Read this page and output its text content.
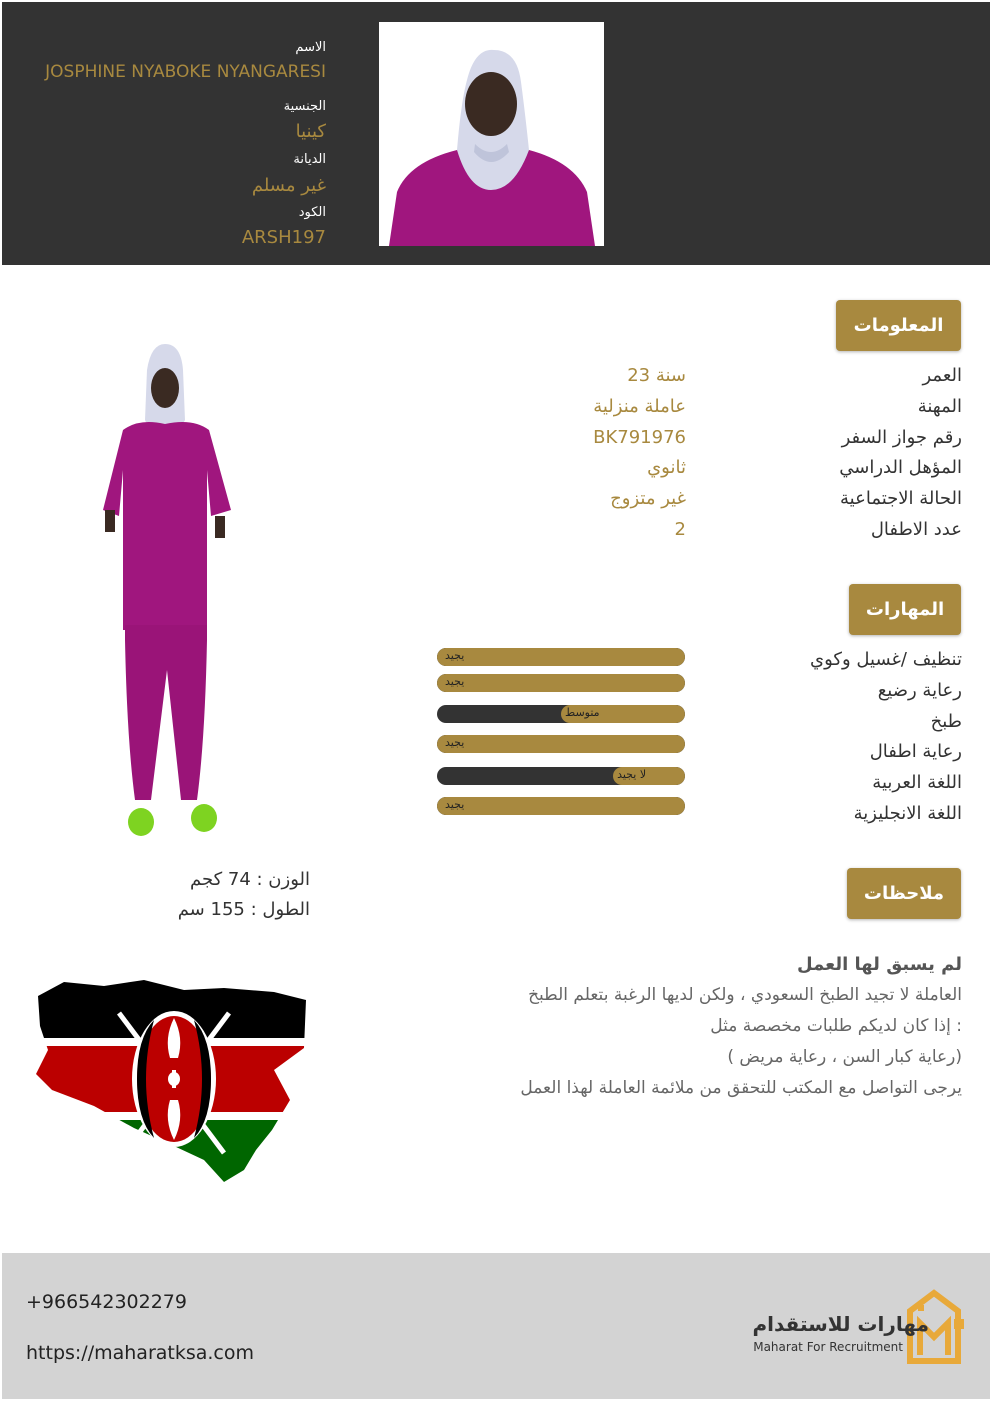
الاسم
JOSPHINE NYABOKE NYANGARESI
الجنسية
كينيا
الديانة
غير مسلم
الكود
ARSH197
المعلومات
العمر
23 سنة
المهنة
عاملة منزلية
رقم جواز السفر
BK791976
المؤهل الدراسي
ثانوي
الحالة الاجتماعية
غير متزوج
عدد الاطفال
2
المهارات
تنظيف /غسيل وكوي
رعاية رضيع
طبخ
رعاية اطفال
اللغة العربية
اللغة الانجليزية
يجيد
يجيد
متوسط
يجيد
لا يجيد
يجيد
الوزن : 74 كجم
الطول : 155 سم
ملاحظات
لم يسبق لها العمل
العاملة لا تجيد الطبخ السعودي ، ولكن لديها الرغبة بتعلم الطبخ
إذا كان لديكم طلبات مخصصة مثل :
( رعاية كبار السن ، رعاية مريض)
يرجى التواصل مع المكتب للتحقق من ملائمة العاملة لهذا العمل
+966542302279
https://maharatksa.com
مهارات للاستقدام
Maharat For Recruitment
